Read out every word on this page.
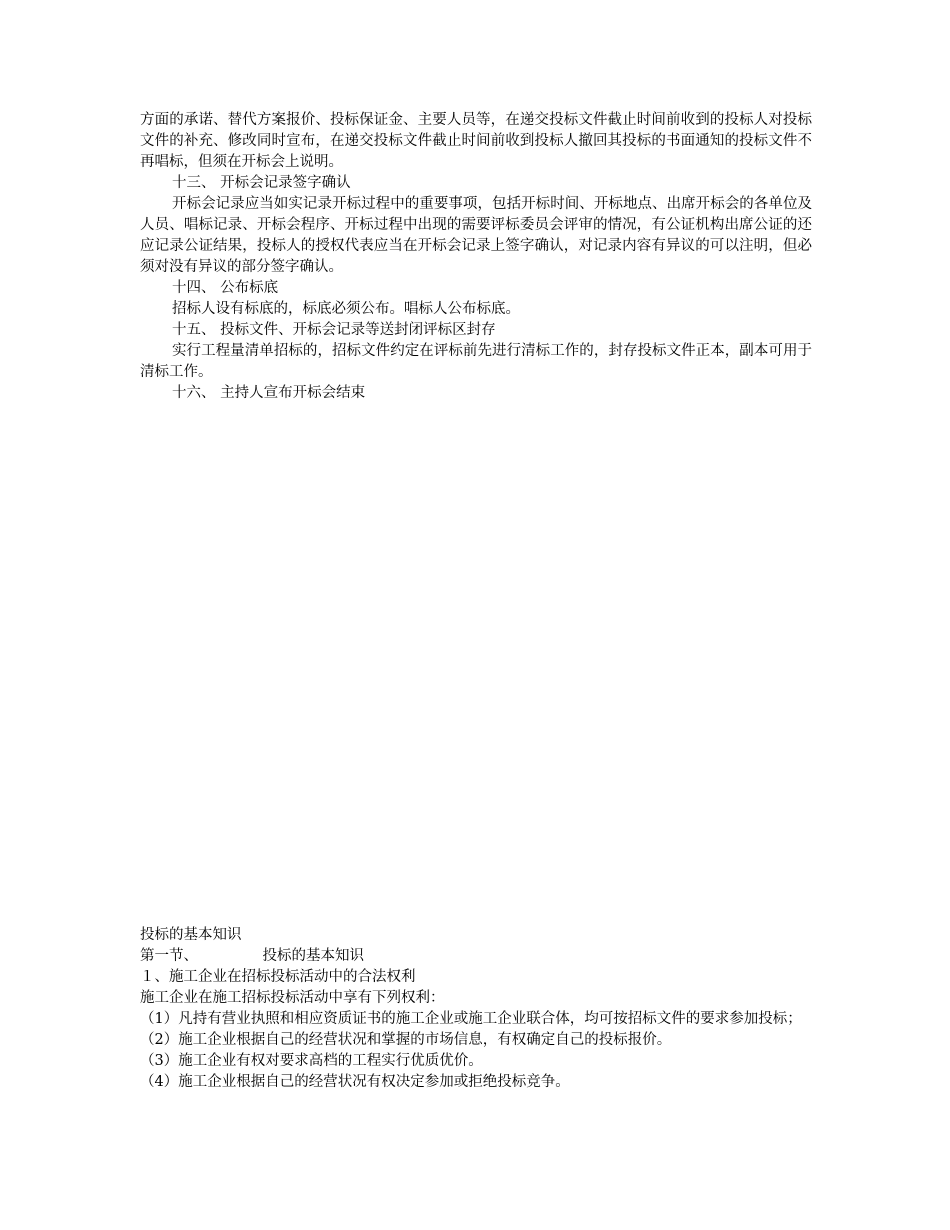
方面的承诺、替代方案报价、投标保证金、主要人员等，在递交投标文件截止时间前收到的投标人对投标文件的补充、修改同时宣布，在递交投标文件截止时间前收到投标人撤回其投标的书面通知的投标文件不再唱标，但须在开标会上说明。

十三、 开标会记录签字确认

开标会记录应当如实记录开标过程中的重要事项，包括开标时间、开标地点、出席开标会的各单位及人员、唱标记录、开标会程序、开标过程中出现的需要评标委员会评审的情况，有公证机构出席公证的还应记录公证结果，投标人的授权代表应当在开标会记录上签字确认，对记录内容有异议的可以注明，但必须对没有异议的部分签字确认。

十四、 公布标底

招标人设有标底的，标底必须公布。唱标人公布标底。

十五、 投标文件、开标会记录等送封闭评标区封存

实行工程量清单招标的，招标文件约定在评标前先进行清标工作的，封存投标文件正本，副本可用于清标工作。

十六、 主持人宣布开标会结束

投标的基本知识

第一节、              投标的基本知识

１、施工企业在招标投标活动中的合法权利

施工企业在施工招标投标活动中享有下列权利：

（1）凡持有营业执照和相应资质证书的施工企业或施工企业联合体，均可按招标文件的要求参加投标；

（2）施工企业根据自己的经营状况和掌握的市场信息，有权确定自己的投标报价。

（3）施工企业有权对要求高档的工程实行优质优价。

（4）施工企业根据自己的经营状况有权决定参加或拒绝投标竞争。
